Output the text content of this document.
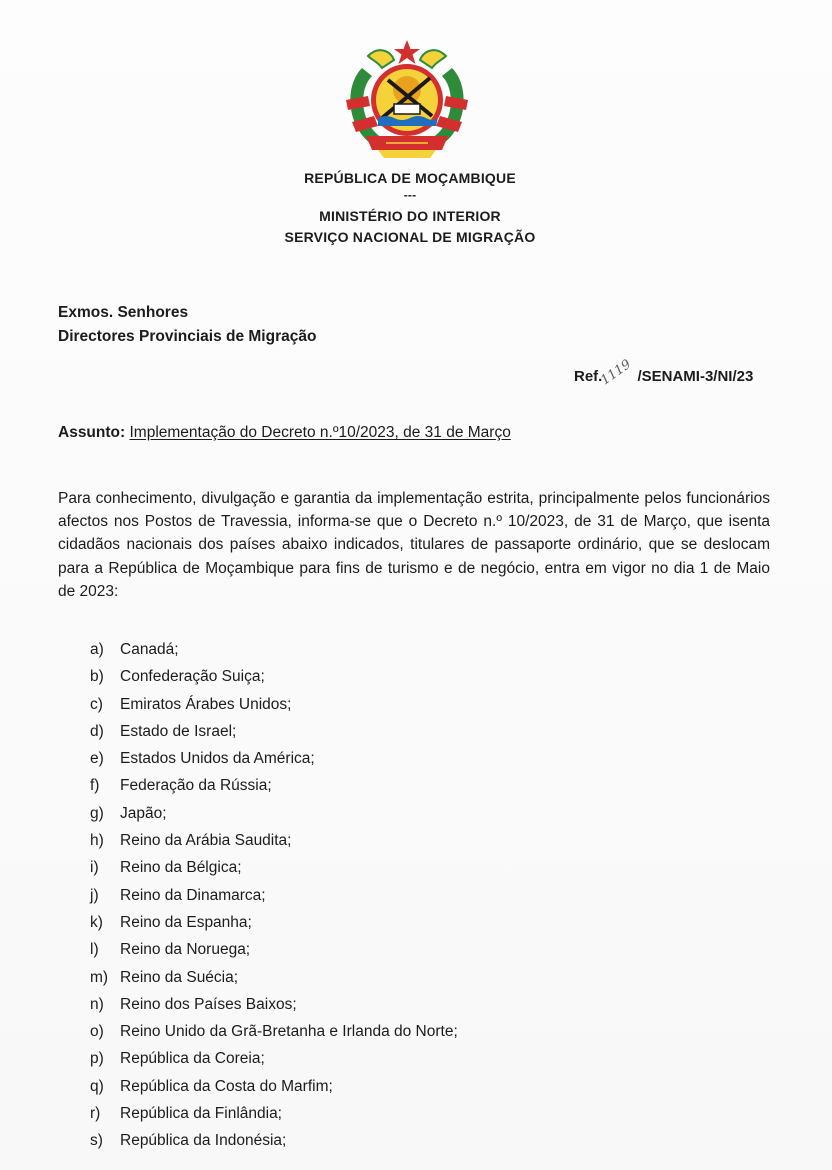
REPÚBLICA DE MOÇAMBIQUE
---
MINISTÉRIO DO INTERIOR
SERVIÇO NACIONAL DE MIGRAÇÃO
Exmos. Senhores
Directores Provinciais de Migração
Ref.1119 /SENAMI-3/NI/23
Assunto: Implementação do Decreto n.º10/2023, de 31 de Março

Para conhecimento, divulgação e garantia da implementação estrita, principalmente pelos funcionários afectos nos Postos de Travessia, informa-se que o Decreto n.º 10/2023, de 31 de Março, que isenta cidadãos nacionais dos países abaixo indicados, titulares de passaporte ordinário, que se deslocam para a República de Moçambique para fins de turismo e de negócio, entra em vigor no dia 1 de Maio de 2023:

a) Canadá;
b) Confederação Suiça;
c) Emiratos Árabes Unidos;
d) Estado de Israel;
e) Estados Unidos da América;
f) Federação da Rússia;
g) Japão;
h) Reino da Arábia Saudita;
i) Reino da Bélgica;
j) Reino da Dinamarca;
k) Reino da Espanha;
l) Reino da Noruega;
m) Reino da Suécia;
n) Reino dos Países Baixos;
o) Reino Unido da Grã-Bretanha e Irlanda do Norte;
p) República da Coreia;
q) República da Costa do Marfim;
r) República da Finlândia;
s) República da Indonésia;
